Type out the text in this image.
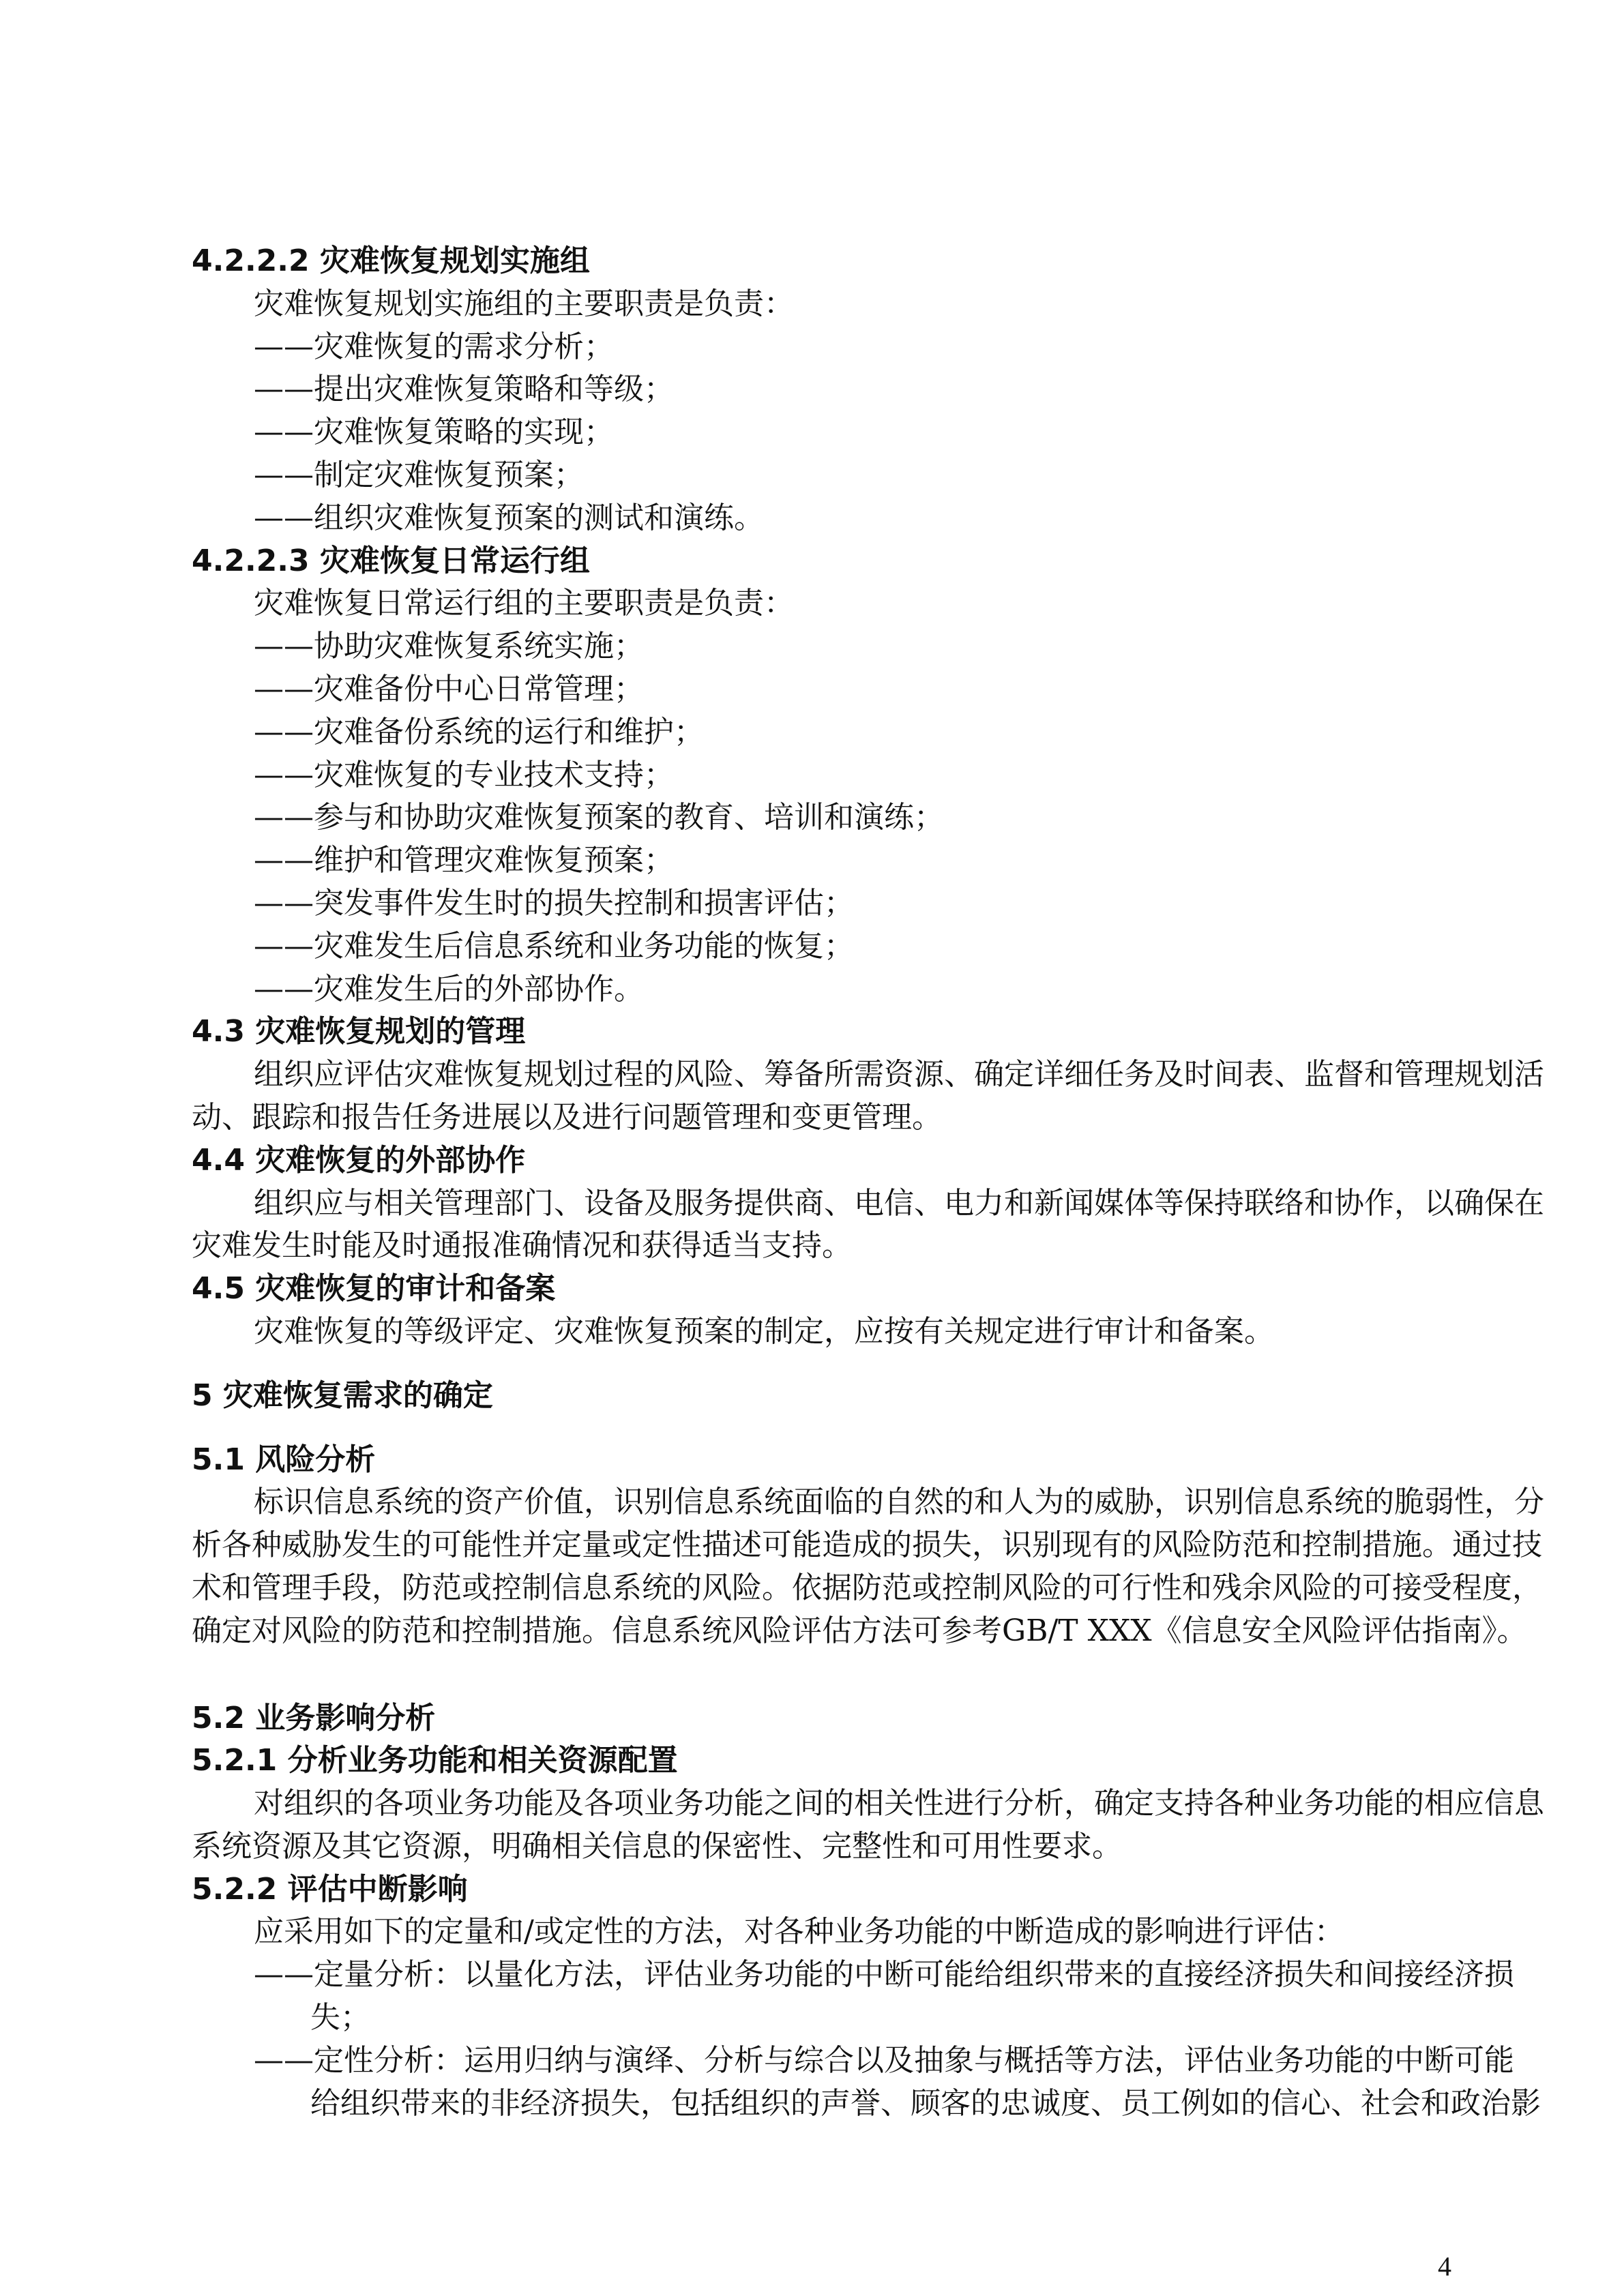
4.2.2.2 灾难恢复规划实施组
灾难恢复规划实施组的主要职责是负责：
——灾难恢复的需求分析；
——提出灾难恢复策略和等级；
——灾难恢复策略的实现；
——制定灾难恢复预案；
——组织灾难恢复预案的测试和演练。
4.2.2.3 灾难恢复日常运行组
灾难恢复日常运行组的主要职责是负责：
——协助灾难恢复系统实施；
——灾难备份中心日常管理；
——灾难备份系统的运行和维护；
——灾难恢复的专业技术支持；
——参与和协助灾难恢复预案的教育、培训和演练；
——维护和管理灾难恢复预案；
——突发事件发生时的损失控制和损害评估；
——灾难发生后信息系统和业务功能的恢复；
——灾难发生后的外部协作。
4.3 灾难恢复规划的管理
组织应评估灾难恢复规划过程的风险、筹备所需资源、确定详细任务及时间表、监督和管理规划活
动、跟踪和报告任务进展以及进行问题管理和变更管理。
4.4 灾难恢复的外部协作
组织应与相关管理部门、设备及服务提供商、电信、电力和新闻媒体等保持联络和协作，以确保在
灾难发生时能及时通报准确情况和获得适当支持。
4.5 灾难恢复的审计和备案
灾难恢复的等级评定、灾难恢复预案的制定，应按有关规定进行审计和备案。
5 灾难恢复需求的确定
5.1 风险分析
标识信息系统的资产价值，识别信息系统面临的自然的和人为的威胁，识别信息系统的脆弱性，分
析各种威胁发生的可能性并定量或定性描述可能造成的损失，识别现有的风险防范和控制措施。通过技
术和管理手段，防范或控制信息系统的风险。依据防范或控制风险的可行性和残余风险的可接受程度，
确定对风险的防范和控制措施。信息系统风险评估方法可参考GB/T XXX《信息安全风险评估指南》。
5.2 业务影响分析
5.2.1 分析业务功能和相关资源配置
对组织的各项业务功能及各项业务功能之间的相关性进行分析，确定支持各种业务功能的相应信息
系统资源及其它资源，明确相关信息的保密性、完整性和可用性要求。
5.2.2 评估中断影响
应采用如下的定量和/或定性的方法，对各种业务功能的中断造成的影响进行评估：
——定量分析：以量化方法，评估业务功能的中断可能给组织带来的直接经济损失和间接经济损
失；
——定性分析：运用归纳与演绎、分析与综合以及抽象与概括等方法，评估业务功能的中断可能
给组织带来的非经济损失，包括组织的声誉、顾客的忠诚度、员工例如的信心、社会和政治影
4
